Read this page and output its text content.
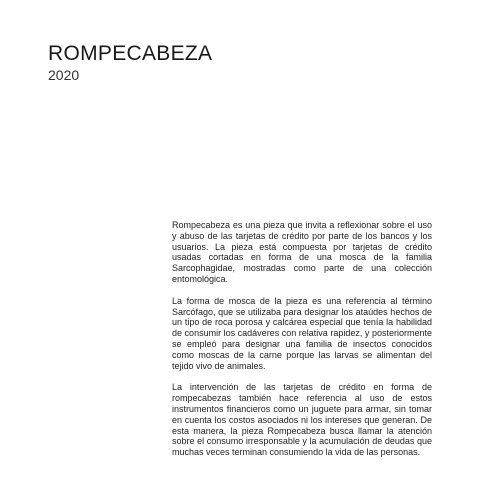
ROMPECABEZA
2020

Rompecabeza es una pieza que invita a reflexionar sobre el uso y abuso de las tarjetas de crédito por parte de los bancos y los usuarios. La pieza está compuesta por tarjetas de crédito usadas cortadas en forma de una mosca de la familia Sarcophagidae, mostradas como parte de una colección entomológica.

La forma de mosca de la pieza es una referencia al término Sarcófago, que se utilizaba para designar los ataúdes hechos de un tipo de roca porosa y calcárea especial que tenía la habilidad de consumir los cadáveres con relativa rapidez, y posteriormente se empleó para designar una familia de insectos conocidos como moscas de la carne porque las larvas se alimentan del tejido vivo de animales.

La intervención de las tarjetas de crédito en forma de rompecabezas también hace referencia al uso de estos instrumentos financieros como un juguete para armar, sin tomar en cuenta los costos asociados ni los intereses que generan. De esta manera, la pieza Rompecabeza busca llamar la atención sobre el consumo irresponsable y la acumulación de deudas que muchas veces terminan consumiendo la vida de las personas.
